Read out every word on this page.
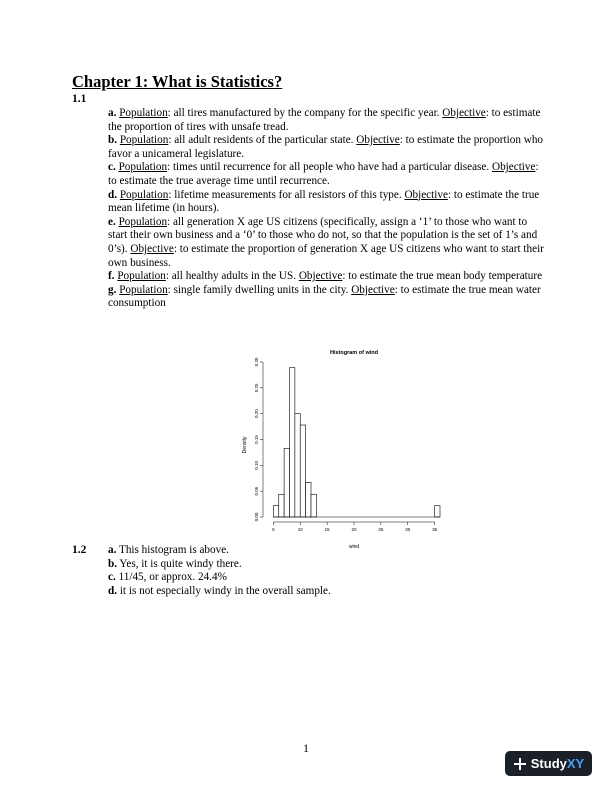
Chapter 1: What is Statistics?
1.1

a. Population: all tires manufactured by the company for the specific year. Objective: to estimate the proportion of tires with unsafe tread.

b. Population: all adult residents of the particular state. Objective: to estimate the proportion who favor a unicameral legislature.

c. Population: times until recurrence for all people who have had a particular disease. Objective: to estimate the true average time until recurrence.

d. Population: lifetime measurements for all resistors of this type. Objective: to estimate the true mean lifetime (in hours).

e. Population: all generation X age US citizens (specifically, assign a ‘1’ to those who want to start their own business and a ‘0’ to those who do not, so that the population is the set of 1’s and 0’s). Objective: to estimate the proportion of generation X age US citizens who want to start their own business.

f. Population: all healthy adults in the US. Objective: to estimate the true mean body temperature

g. Population: single family dwelling units in the city. Objective: to estimate the true mean water consumption

Histogram of wind
wind
Density
5	10	15	20	25	30	35
0.00
0.05
0.10
0.15
0.20
0.25
0.30
1.2 a. This histogram is above.

b. Yes, it is quite windy there.

c. 11/45, or approx. 24.4%

d. it is not especially windy in the overall sample.

1
StudyXY
